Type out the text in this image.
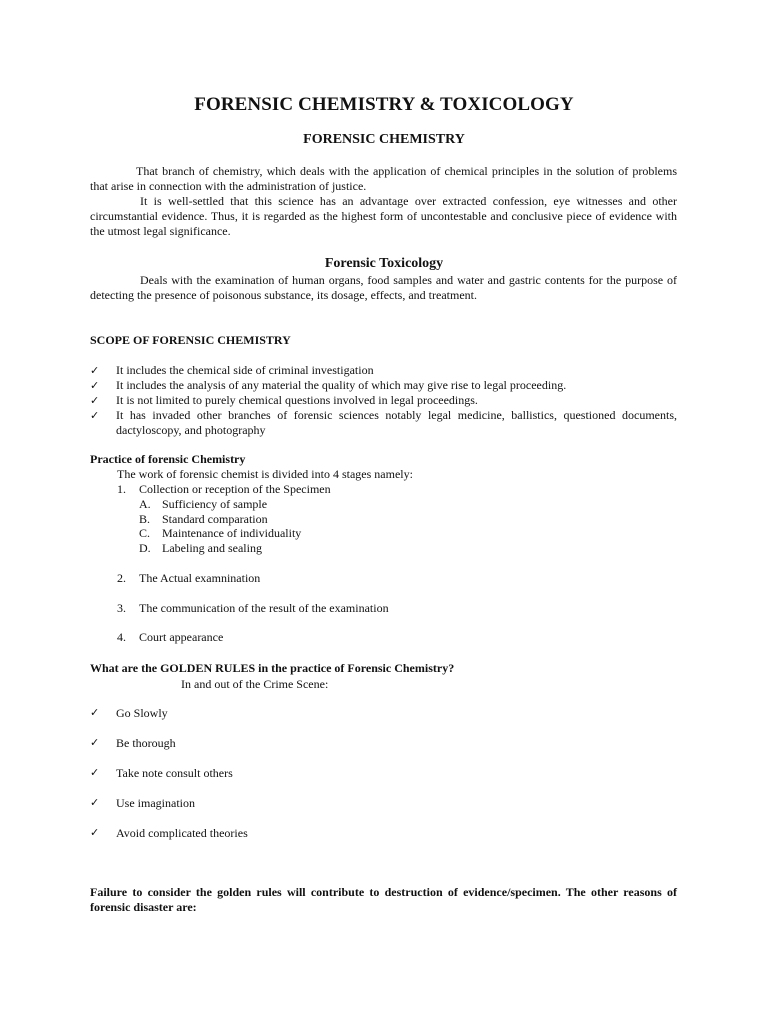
FORENSIC CHEMISTRY & TOXICOLOGY
FORENSIC CHEMISTRY
That branch of chemistry, which deals with the application of chemical principles in the solution of problems that arise in connection with the administration of justice.
It is well-settled that this science has an advantage over extracted confession, eye witnesses and other circumstantial evidence. Thus, it is regarded as the highest form of uncontestable and conclusive piece of evidence with the utmost legal significance.
Forensic Toxicology
Deals with the examination of human organs, food samples and water and gastric contents for the purpose of detecting the presence of poisonous substance, its dosage, effects, and treatment.
SCOPE OF FORENSIC CHEMISTRY
✓ It includes the chemical side of criminal investigation
✓ It includes the analysis of any material the quality of which may give rise to legal proceeding.
✓ It is not limited to purely chemical questions involved in legal proceedings.
✓ It has invaded other branches of forensic sciences notably legal medicine, ballistics, questioned documents, dactyloscopy, and photography
Practice of forensic Chemistry
The work of forensic chemist is divided into 4 stages namely:
1. Collection or reception of the Specimen
A. Sufficiency of sample
B. Standard comparation
C. Maintenance of individuality
D. Labeling and sealing
2. The Actual examnination
3. The communication of the result of the examination
4. Court appearance
What are the GOLDEN RULES in the practice of Forensic Chemistry?
In and out of the Crime Scene:
✓ Go Slowly
✓ Be thorough
✓ Take note consult others
✓ Use imagination
✓ Avoid complicated theories
Failure to consider the golden rules will contribute to destruction of evidence/specimen. The other reasons of forensic disaster are:
